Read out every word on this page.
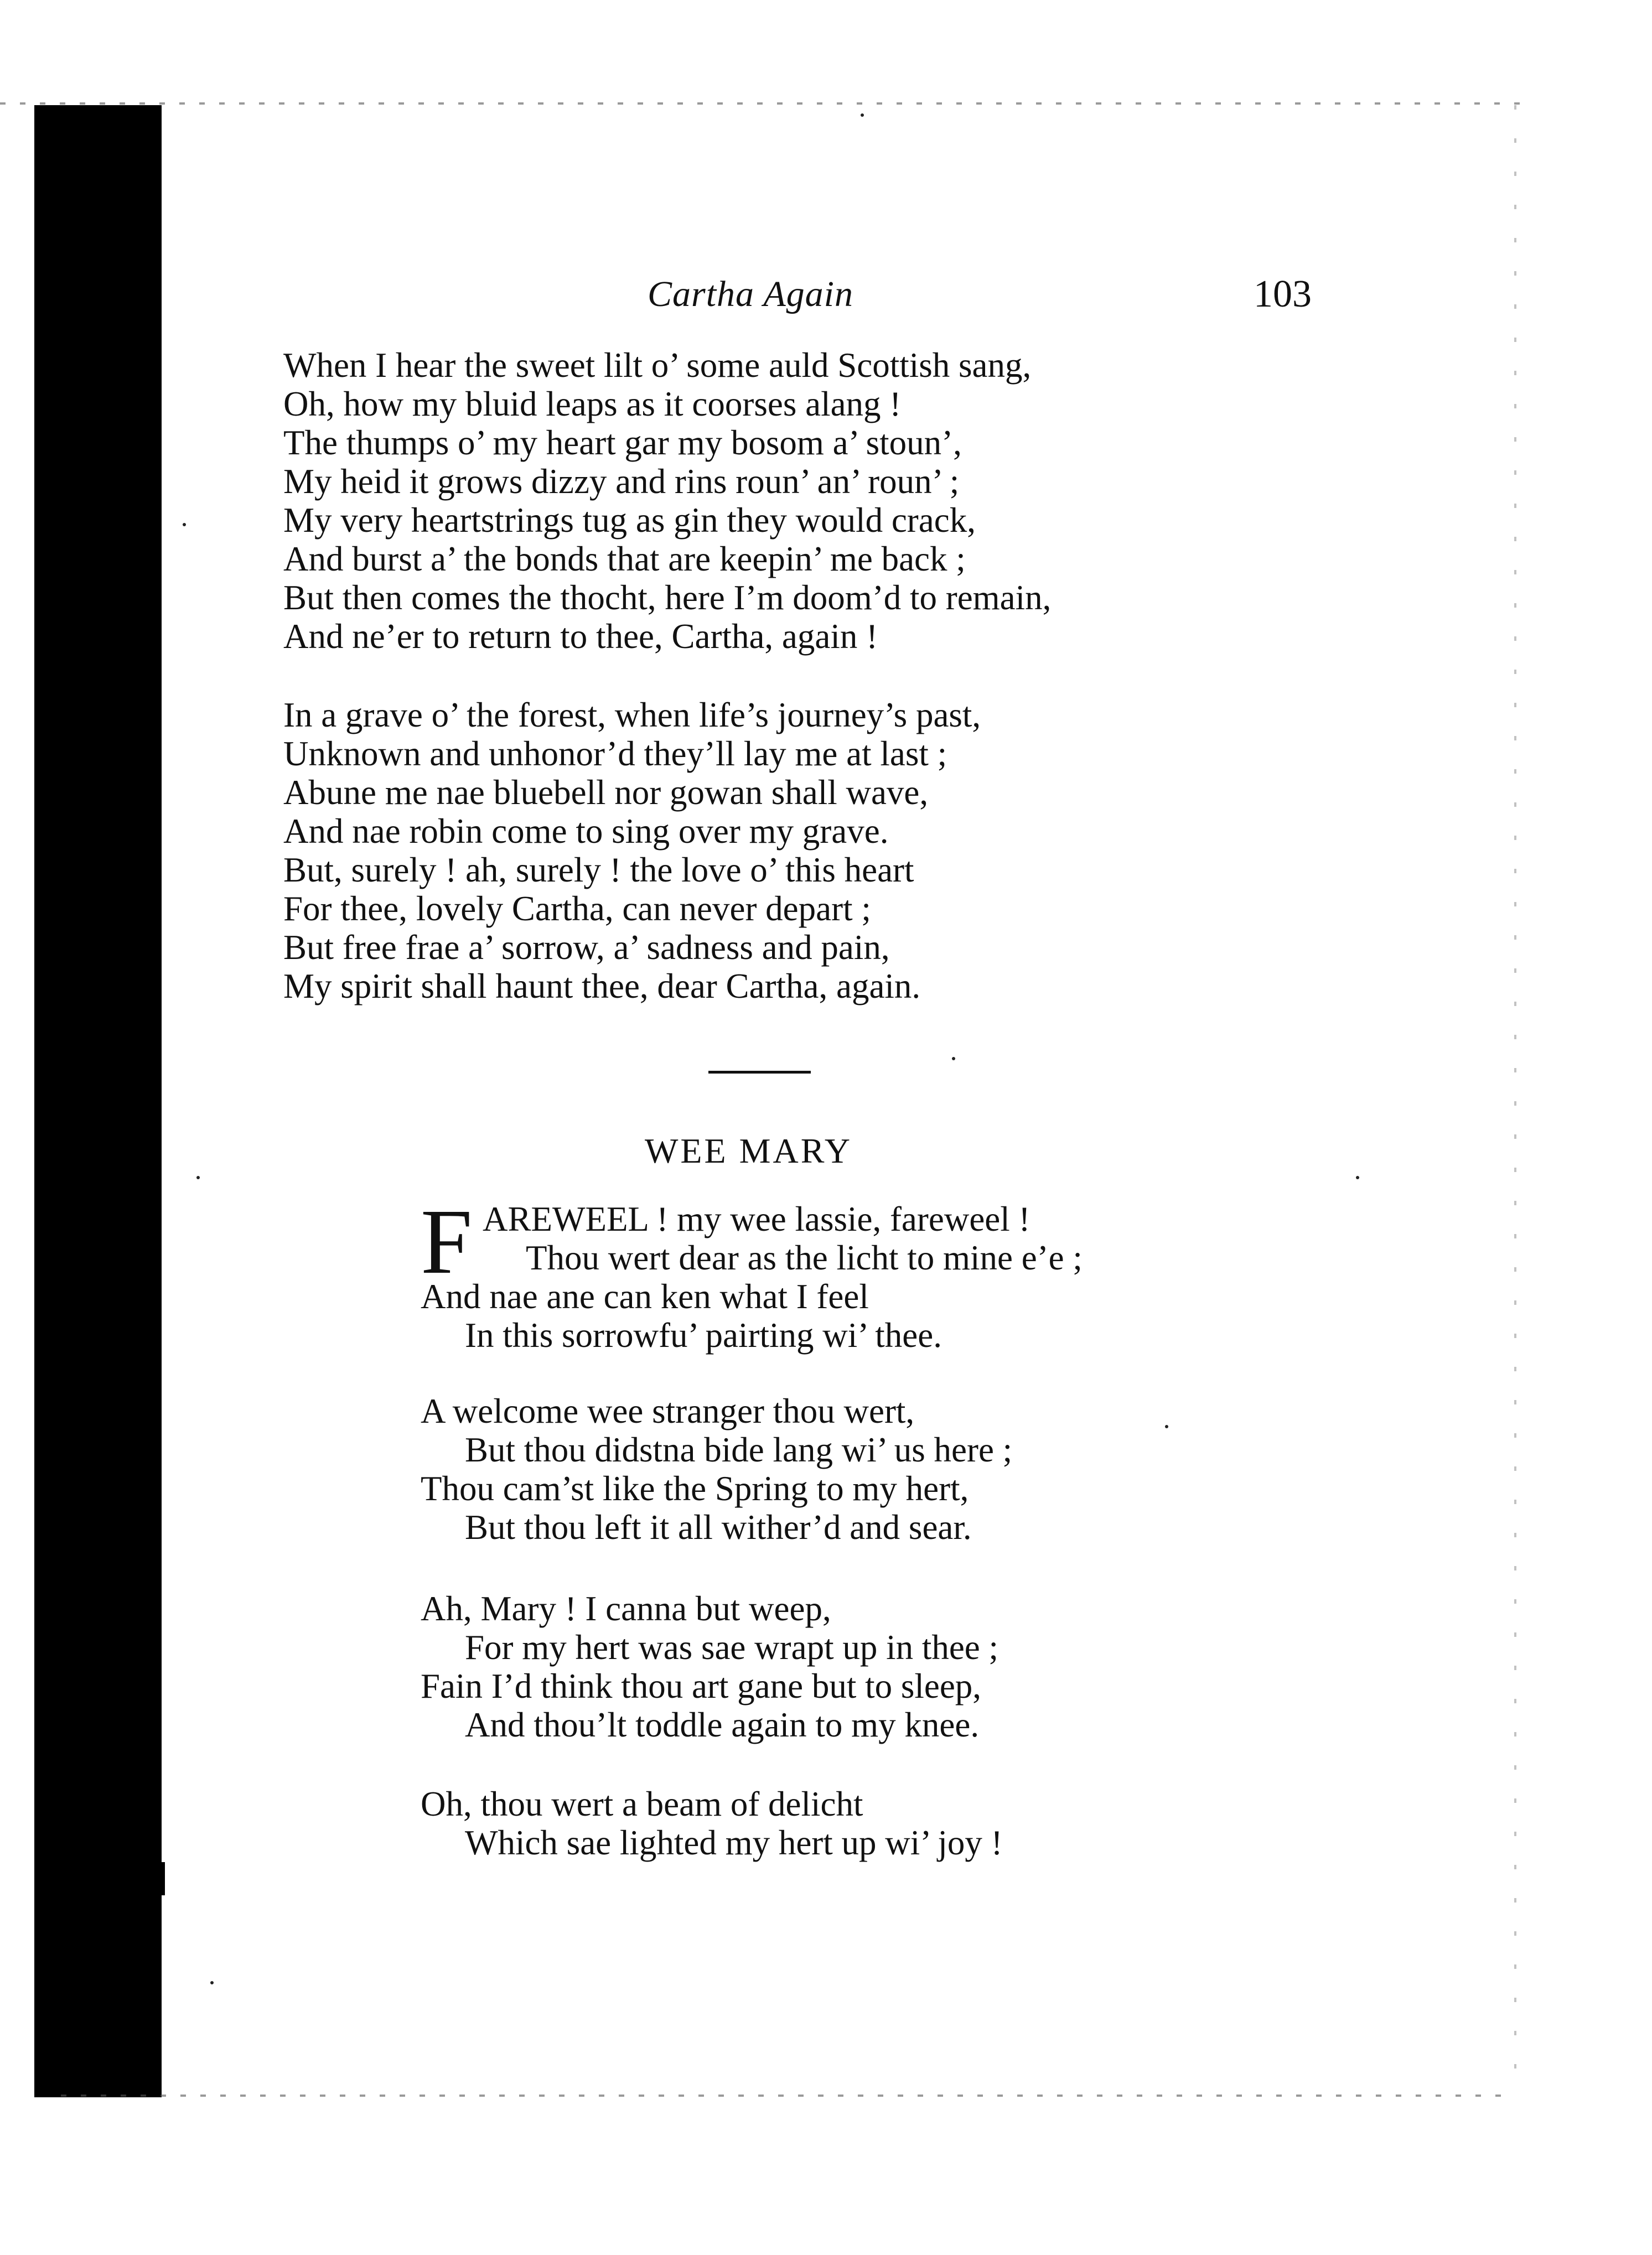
Cartha Again	103
When I hear the sweet lilt o’ some auld Scottish sang,
Oh, how my bluid leaps as it coorses alang !
The thumps o’ my heart gar my bosom a’ stoun’,
My heid it grows dizzy and rins roun’ an’ roun’ ;
My very heartstrings tug as gin they would crack,
And burst a’ the bonds that are keepin’ me back ;
But then comes the thocht, here I’m doom’d to remain,
And ne’er to return to thee, Cartha, again !
In a grave o’ the forest, when life’s journey’s past,
Unknown and unhonor’d they’ll lay me at last ;
Abune me nae bluebell nor gowan shall wave,
And nae robin come to sing over my grave.
But, surely ! ah, surely ! the love o’ this heart
For thee, lovely Cartha, can never depart ;
But free frae a’ sorrow, a’ sadness and pain,
My spirit shall haunt thee, dear Cartha, again.
WEE MARY
F AREWEEL ! my wee lassie, fareweel !
Thou wert dear as the licht to mine e’e ;
And nae ane can ken what I feel
In this sorrowfu’ pairting wi’ thee.
A welcome wee stranger thou wert,
But thou didstna bide lang wi’ us here ;
Thou cam’st like the Spring to my hert,
But thou left it all wither’d and sear.
Ah, Mary ! I canna but weep,
For my hert was sae wrapt up in thee ;
Fain I’d think thou art gane but to sleep,
And thou’lt toddle again to my knee.
Oh, thou wert a beam of delicht
Which sae lighted my hert up wi’ joy !
